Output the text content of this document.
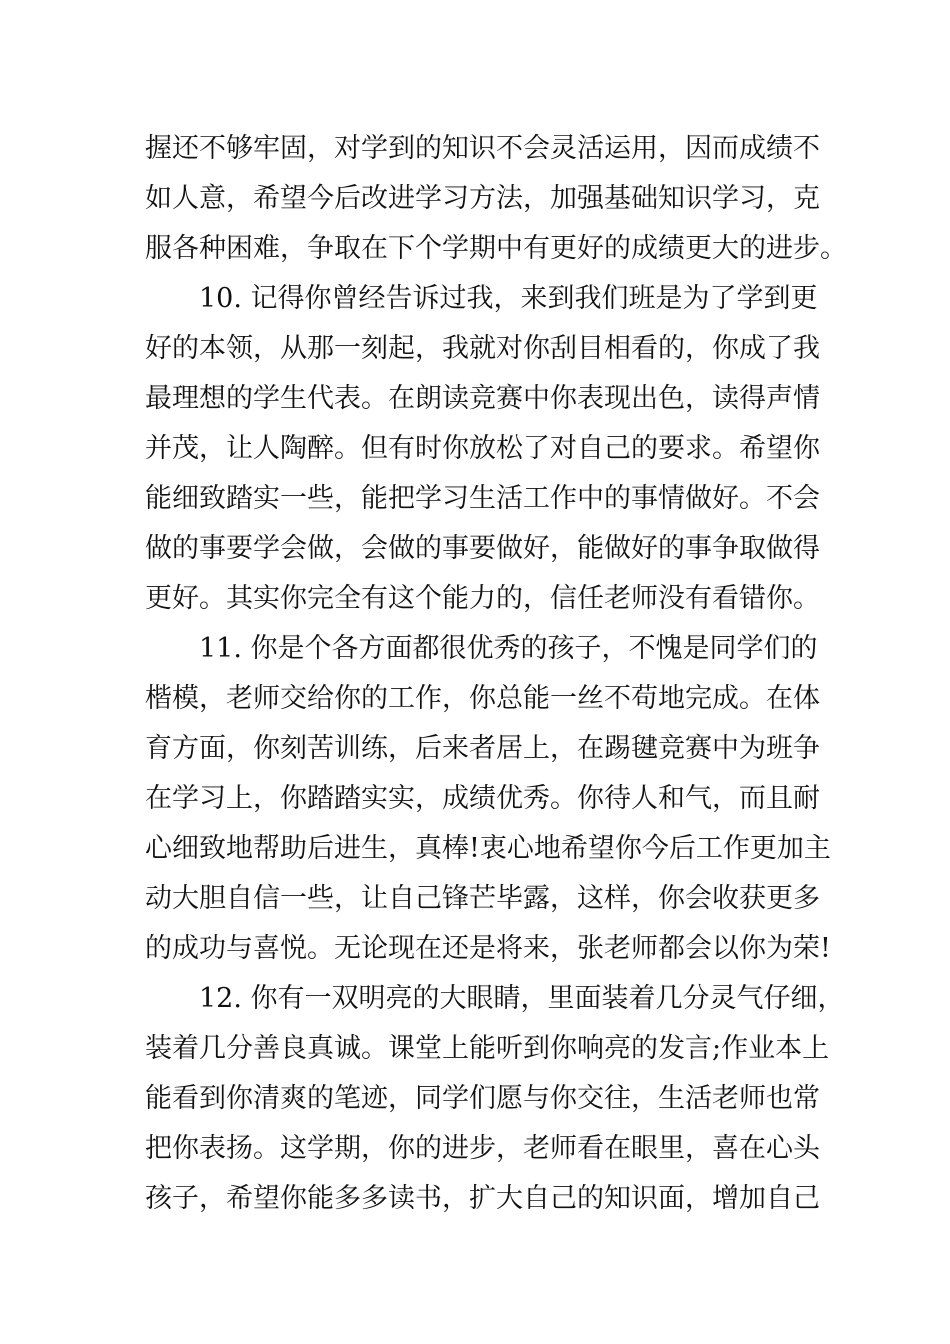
握还不够牢固，对学到的知识不会灵活运用，因而成绩不
如人意，希望今后改进学习方法，加强基础知识学习，克
服各种困难，争取在下个学期中有更好的成绩更大的进步。
10. 记得你曾经告诉过我，来到我们班是为了学到更
好的本领，从那一刻起，我就对你刮目相看的，你成了我
最理想的学生代表。在朗读竞赛中你表现出色，读得声情
并茂，让人陶醉。但有时你放松了对自己的要求。希望你
能细致踏实一些，能把学习生活工作中的事情做好。不会
做的事要学会做，会做的事要做好，能做好的事争取做得
更好。其实你完全有这个能力的，信任老师没有看错你。
11. 你是个各方面都很优秀的孩子，不愧是同学们的
楷模，老师交给你的工作，你总能一丝不苟地完成。在体
育方面，你刻苦训练，后来者居上，在踢毽竞赛中为班争
在学习上，你踏踏实实，成绩优秀。你待人和气，而且耐
心细致地帮助后进生，真棒!衷心地希望你今后工作更加主
动大胆自信一些，让自己锋芒毕露，这样，你会收获更多
的成功与喜悦。无论现在还是将来，张老师都会以你为荣!
12. 你有一双明亮的大眼睛，里面装着几分灵气仔细，
装着几分善良真诚。课堂上能听到你响亮的发言;作业本上
能看到你清爽的笔迹，同学们愿与你交往，生活老师也常
把你表扬。这学期，你的进步，老师看在眼里，喜在心头
孩子，希望你能多多读书，扩大自己的知识面，增加自己
